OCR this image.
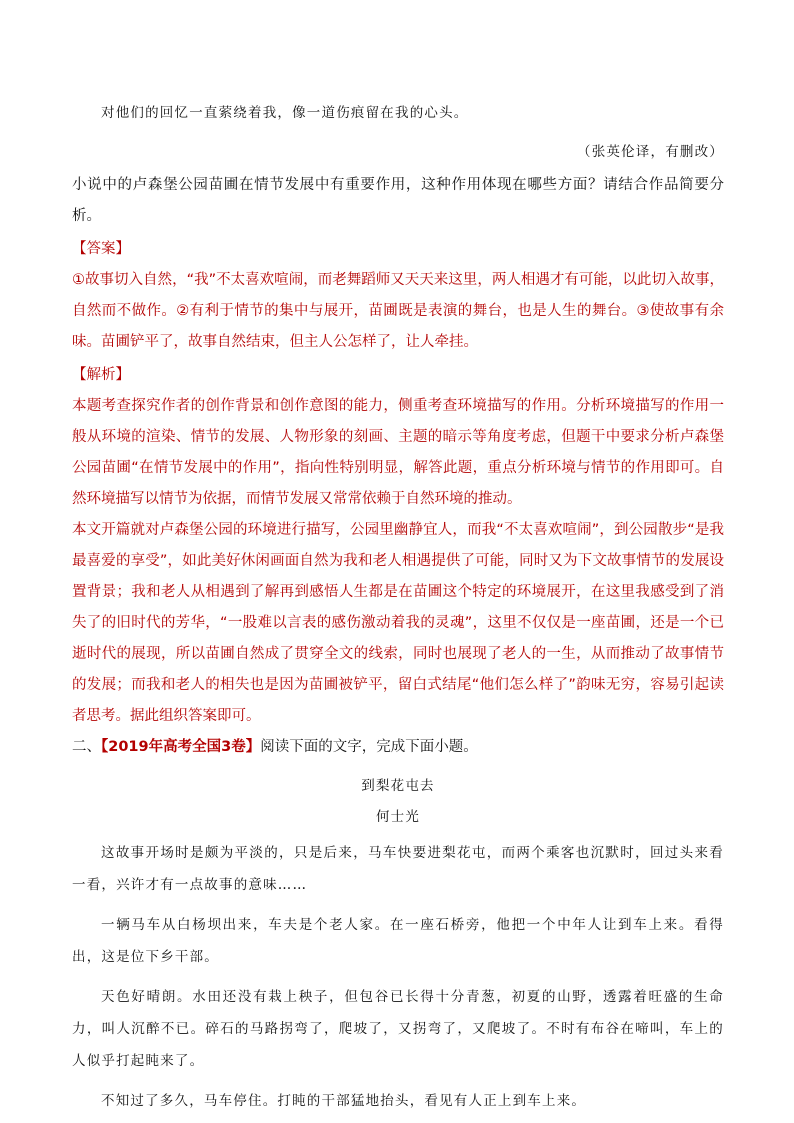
对他们的回忆一直萦绕着我，像一道伤痕留在我的心头。

（张英伦译，有删改）

小说中的卢森堡公园苗圃在情节发展中有重要作用，这种作用体现在哪些方面？请结合作品简要分析。

【答案】

①故事切入自然，“我”不太喜欢喧闹，而老舞蹈师又天天来这里，两人相遇才有可能，以此切入故事，自然而不做作。②有利于情节的集中与展开，苗圃既是表演的舞台，也是人生的舞台。③使故事有余味。苗圃铲平了，故事自然结束，但主人公怎样了，让人牵挂。

【解析】

本题考查探究作者的创作背景和创作意图的能力，侧重考查环境描写的作用。分析环境描写的作用一般从环境的渲染、情节的发展、人物形象的刻画、主题的暗示等角度考虑，但题干中要求分析卢森堡公园苗圃“在情节发展中的作用”，指向性特别明显，解答此题，重点分析环境与情节的作用即可。自然环境描写以情节为依据，而情节发展又常常依赖于自然环境的推动。

本文开篇就对卢森堡公园的环境进行描写，公园里幽静宜人，而我“不太喜欢喧闹”，到公园散步“是我最喜爱的享受”，如此美好休闲画面自然为我和老人相遇提供了可能，同时又为下文故事情节的发展设置背景；我和老人从相遇到了解再到感悟人生都是在苗圃这个特定的环境展开，在这里我感受到了消失了的旧时代的芳华，“一股难以言表的感伤激动着我的灵魂”，这里不仅仅是一座苗圃，还是一个已逝时代的展现，所以苗圃自然成了贯穿全文的线索，同时也展现了老人的一生，从而推动了故事情节的发展；而我和老人的相失也是因为苗圃被铲平，留白式结尾“他们怎么样了”韵味无穷，容易引起读者思考。据此组织答案即可。

二、【2019年高考全国3卷】阅读下面的文字，完成下面小题。

到梨花屯去

何士光

这故事开场时是颇为平淡的，只是后来，马车快要进梨花屯，而两个乘客也沉默时，回过头来看一看，兴许才有一点故事的意味……

一辆马车从白杨坝出来，车夫是个老人家。在一座石桥旁，他把一个中年人让到车上来。看得出，这是位下乡干部。

天色好晴朗。水田还没有栽上秧子，但包谷已长得十分青葱，初夏的山野，透露着旺盛的生命力，叫人沉醉不已。碎石的马路拐弯了，爬坡了，又拐弯了，又爬坡了。不时有布谷在啼叫，车上的人似乎打起盹来了。

不知过了多久，马车停住。打盹的干部猛地抬头，看见有人正上到车上来。
